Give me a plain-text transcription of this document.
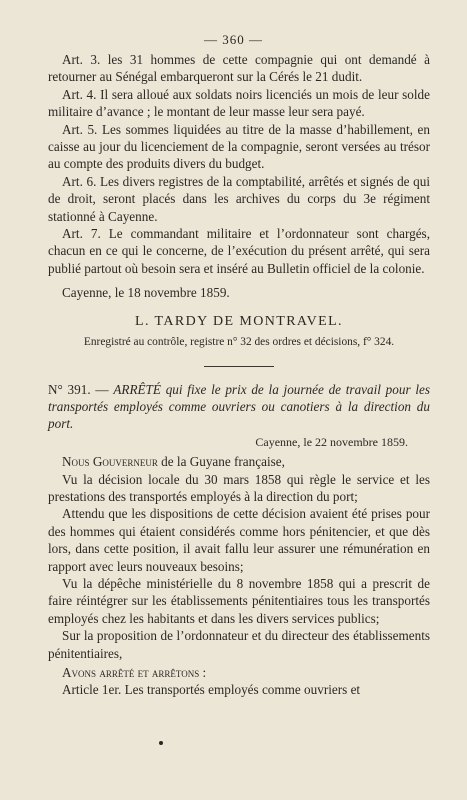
— 360 —

Art. 3. les 31 hommes de cette compagnie qui ont demandé à retourner au Sénégal embarqueront sur la Cérés le 21 dudit.

Art. 4. Il sera alloué aux soldats noirs licenciés un mois de leur solde militaire d’avance ; le montant de leur masse leur sera payé.

Art. 5. Les sommes liquidées au titre de la masse d’habillement, en caisse au jour du licenciement de la compagnie, seront versées au trésor au compte des produits divers du budget.

Art. 6. Les divers registres de la comptabilité, arrêtés et signés de qui de droit, seront placés dans les archives du corps du 3e régiment stationné à Cayenne.

Art. 7. Le commandant militaire et l’ordonnateur sont chargés, chacun en ce qui le concerne, de l’exécution du présent arrêté, qui sera publié partout où besoin sera et inséré au Bulletin officiel de la colonie.

Cayenne, le 18 novembre 1859.

L. TARDY DE MONTRAVEL.

Enregistré au contrôle, registre n° 32 des ordres et décisions, f° 324.

N° 391. — ARRÊTÉ qui fixe le prix de la journée de travail pour les transportés employés comme ouvriers ou canotiers à la direction du port.

Cayenne, le 22 novembre 1859.

Nous Gouverneur de la Guyane française,

Vu la décision locale du 30 mars 1858 qui règle le service et les prestations des transportés employés à la direction du port;

Attendu que les dispositions de cette décision avaient été prises pour des hommes qui étaient considérés comme hors pénitencier, et que dès lors, dans cette position, il avait fallu leur assurer une rémunération en rapport avec leurs nouveaux besoins;

Vu la dépêche ministérielle du 8 novembre 1858 qui a prescrit de faire réintégrer sur les établissements pénitentiaires tous les transportés employés chez les habitants et dans les divers services publics;

Sur la proposition de l’ordonnateur et du directeur des établissements pénitentiaires,

Avons arrêté et arrêtons :

Article 1er. Les transportés employés comme ouvriers et
